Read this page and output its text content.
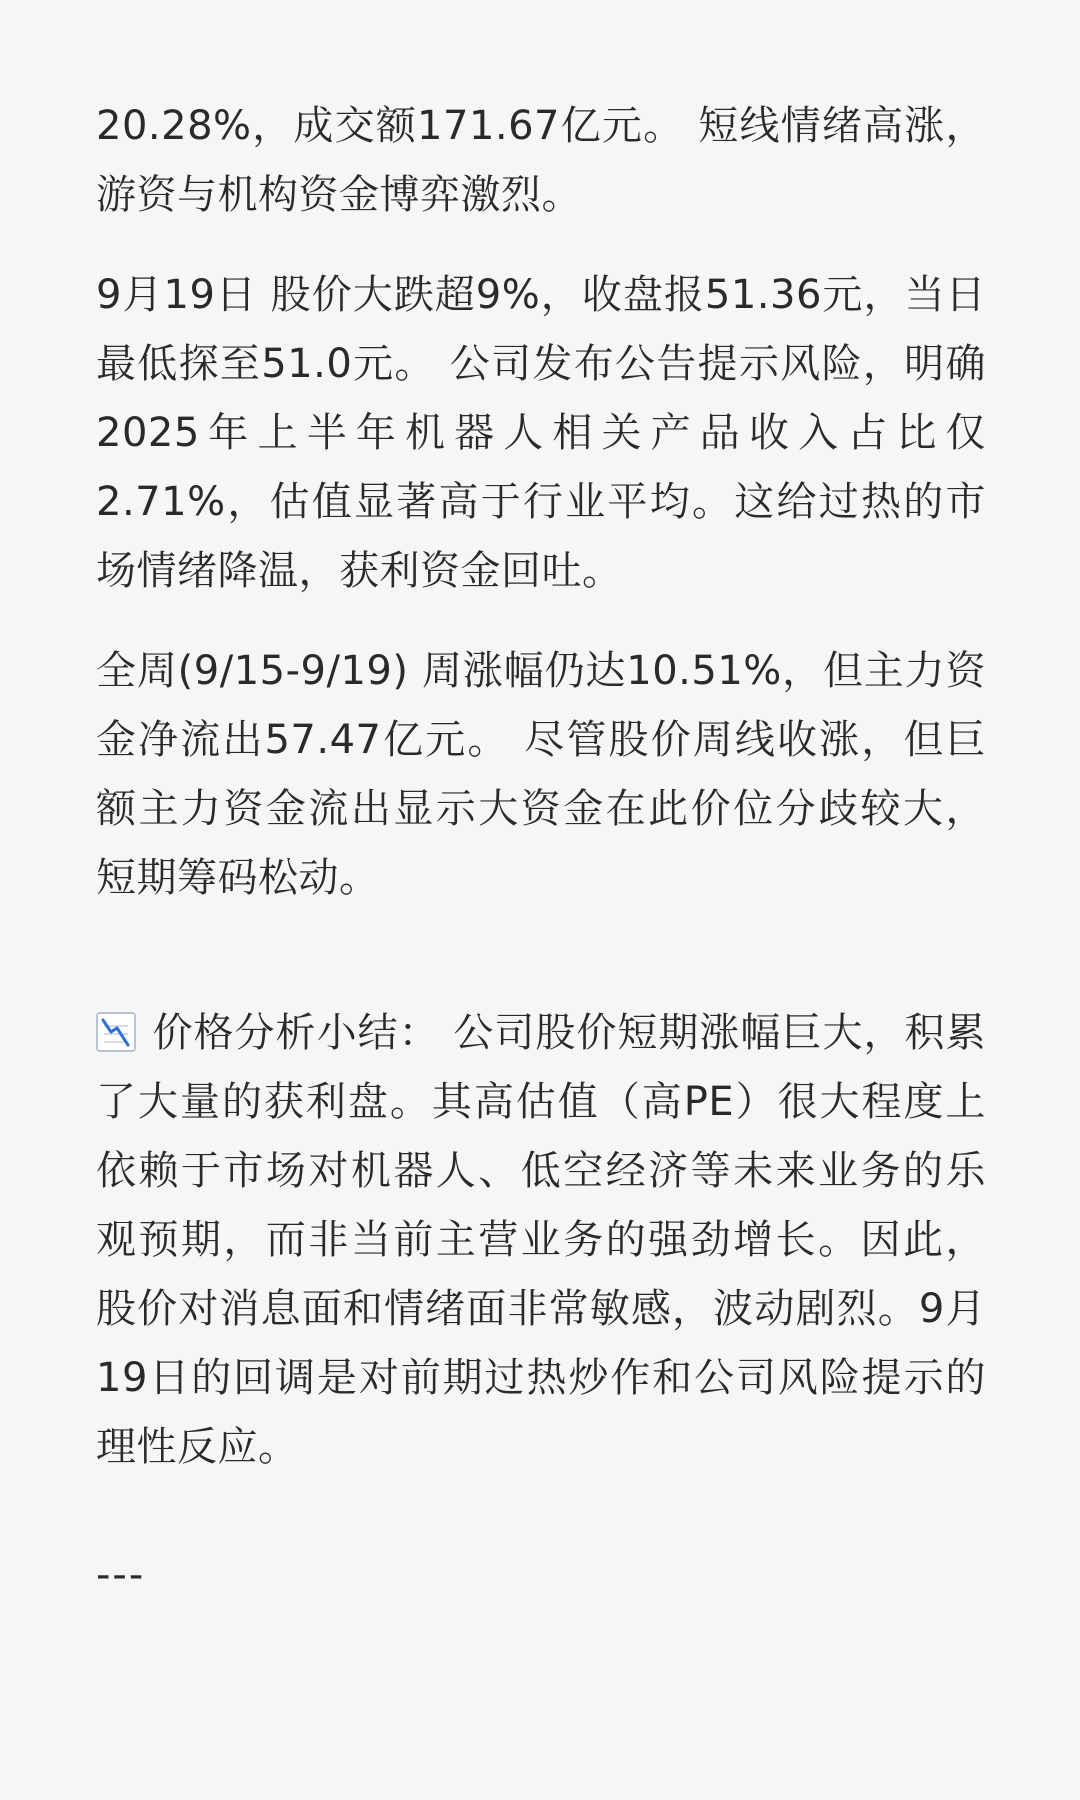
20.28%，成交额171.67亿元。 短线情绪高涨，游资与机构资金博弈激烈。

9月19日 股价大跌超9%，收盘报51.36元，当日最低探至51.0元。 公司发布公告提示风险，明确2025年上半年机器人相关产品收入占比仅2.71%，估值显著高于行业平均。这给过热的市场情绪降温，获利资金回吐。

全周(9/15-9/19) 周涨幅仍达10.51%，但主力资金净流出57.47亿元。 尽管股价周线收涨，但巨额主力资金流出显示大资金在此价位分歧较大，短期筹码松动。

价格分析小结： 公司股价短期涨幅巨大，积累了大量的获利盘。其高估值（高PE）很大程度上依赖于市场对机器人、低空经济等未来业务的乐观预期，而非当前主营业务的强劲增长。因此，股价对消息面和情绪面非常敏感，波动剧烈。9月19日的回调是对前期过热炒作和公司风险提示的理性反应。

---
